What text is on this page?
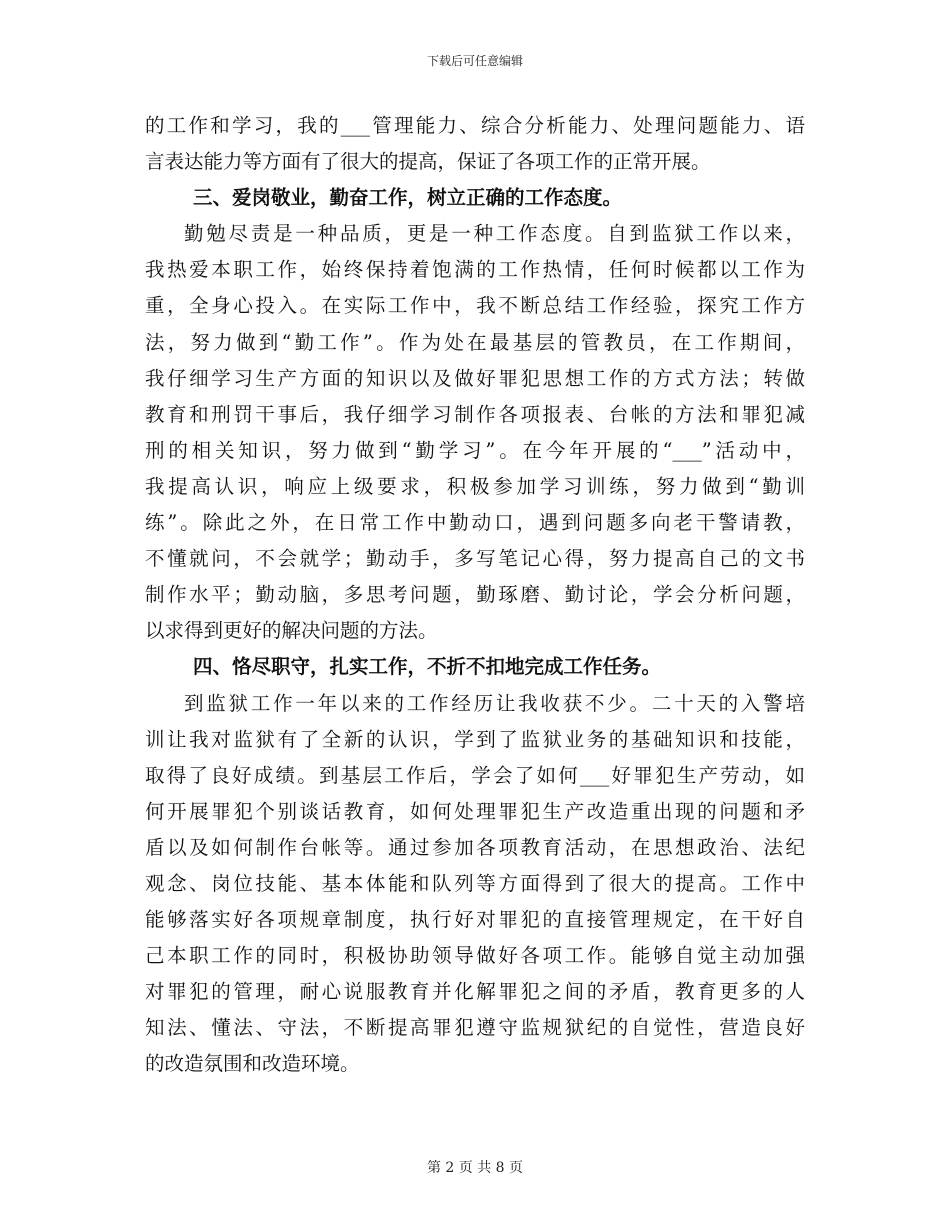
下载后可任意编辑
的工作和学习，我的___管理能力、综合分析能力、处理问题能力、语
言表达能力等方面有了很大的提高，保证了各项工作的正常开展。
三、爱岗敬业，勤奋工作，树立正确的工作态度。
勤勉尽责是一种品质，更是一种工作态度。自到监狱工作以来，
我热爱本职工作，始终保持着饱满的工作热情，任何时候都以工作为
重，全身心投入。在实际工作中，我不断总结工作经验，探究工作方
法，努力做到“勤工作”。作为处在最基层的管教员，在工作期间，
我仔细学习生产方面的知识以及做好罪犯思想工作的方式方法；转做
教育和刑罚干事后，我仔细学习制作各项报表、台帐的方法和罪犯减
刑的相关知识，努力做到“勤学习”。在今年开展的“___”活动中，
我提高认识，响应上级要求，积极参加学习训练，努力做到“勤训
练”。除此之外，在日常工作中勤动口，遇到问题多向老干警请教，
不懂就问，不会就学；勤动手，多写笔记心得，努力提高自己的文书
制作水平；勤动脑，多思考问题，勤琢磨、勤讨论，学会分析问题，
以求得到更好的解决问题的方法。
四、恪尽职守，扎实工作，不折不扣地完成工作任务。
到监狱工作一年以来的工作经历让我收获不少。二十天的入警培
训让我对监狱有了全新的认识，学到了监狱业务的基础知识和技能，
取得了良好成绩。到基层工作后，学会了如何___好罪犯生产劳动，如
何开展罪犯个别谈话教育，如何处理罪犯生产改造重出现的问题和矛
盾以及如何制作台帐等。通过参加各项教育活动，在思想政治、法纪
观念、岗位技能、基本体能和队列等方面得到了很大的提高。工作中
能够落实好各项规章制度，执行好对罪犯的直接管理规定，在干好自
己本职工作的同时，积极协助领导做好各项工作。能够自觉主动加强
对罪犯的管理，耐心说服教育并化解罪犯之间的矛盾，教育更多的人
知法、懂法、守法，不断提高罪犯遵守监规狱纪的自觉性，营造良好
的改造氛围和改造环境。
第 2 页 共 8 页
